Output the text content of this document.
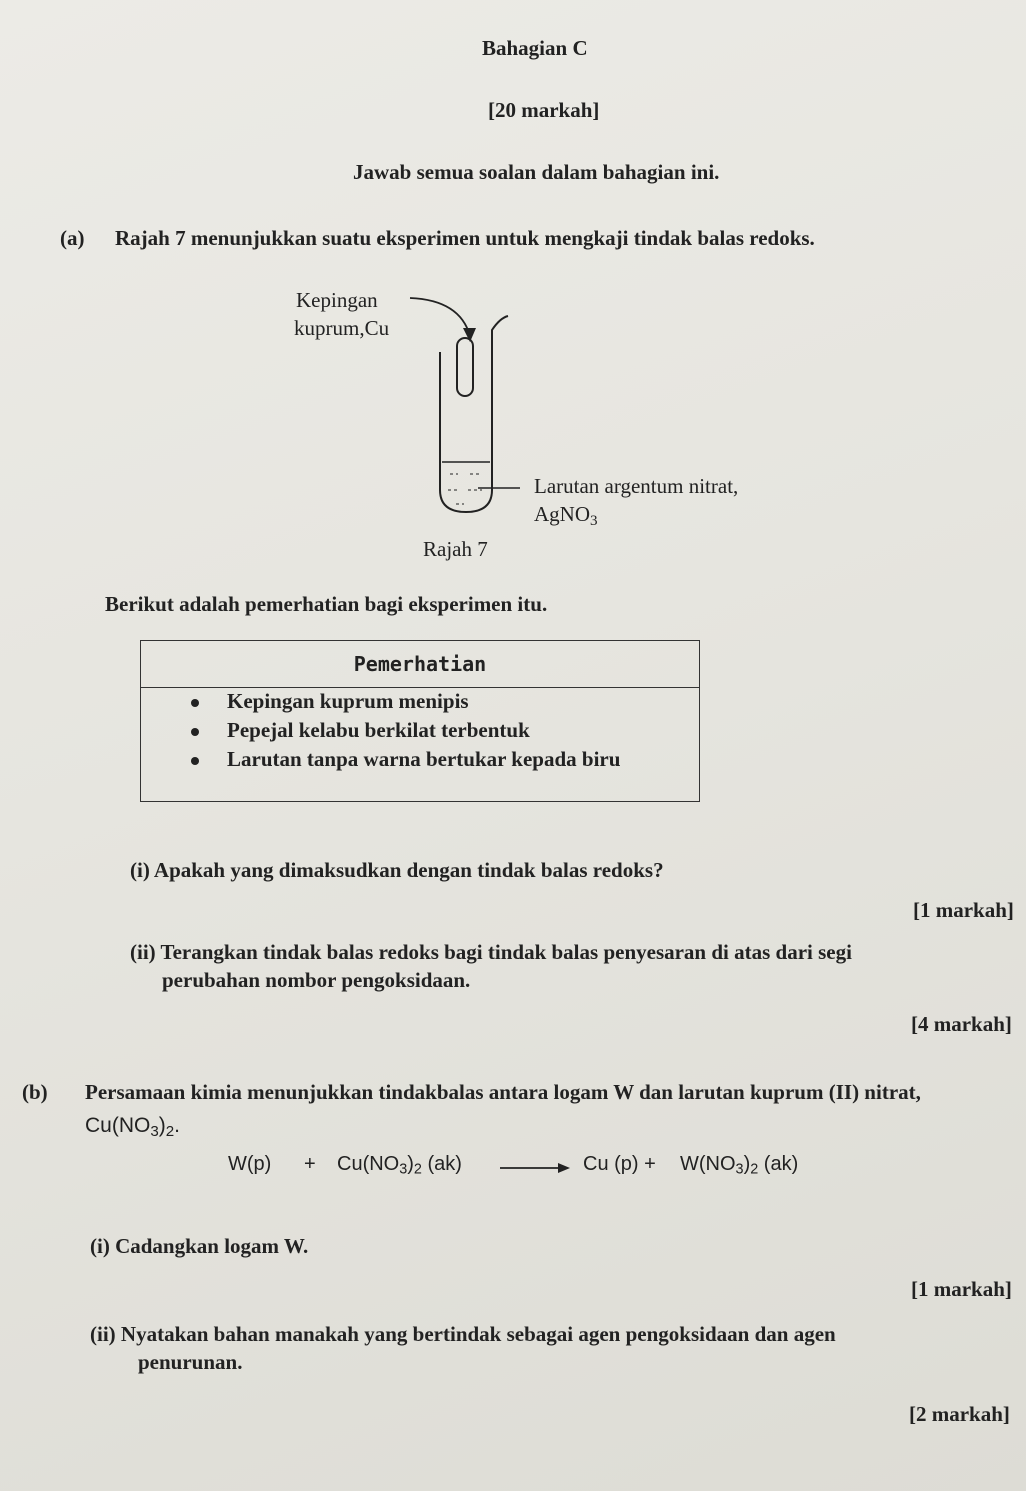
Bahagian C
[20 markah]
Jawab semua soalan dalam bahagian ini.
(a) Rajah 7 menunjukkan suatu eksperimen untuk mengkaji tindak balas redoks.
Kepingan
kuprum,Cu
Larutan argentum nitrat,
AgNO$_3$
Rajah 7
Berikut adalah pemerhatian bagi eksperimen itu.
Pemerhatian
Kepingan kuprum menipis
Pepejal kelabu berkilat terbentuk
Larutan tanpa warna bertukar kepada biru
(i) Apakah yang dimaksudkan dengan tindak balas redoks?
[1 markah]
(ii) Terangkan tindak balas redoks bagi tindak balas penyesaran di atas dari segi
perubahan nombor pengoksidaan.
[4 markah]
(b) Persamaan kimia menunjukkan tindakbalas antara logam W dan larutan kuprum (II) nitrat,
$Cu(NO_3)_2$.
$W(p) + Cu(NO_3)_2$ (ak)	Cu $(p) + W(NO_3)_2$ (ak)
(i) Cadangkan logam W.
[1 markah]
(ii) Nyatakan bahan manakah yang bertindak sebagai agen pengoksidaan dan agen
penurunan.
[2 markah]
